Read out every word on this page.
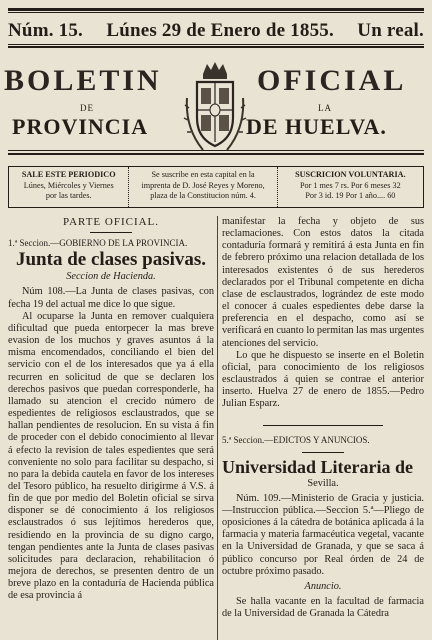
Núm. 15. Lúnes 29 de Enero de 1855. Un real.
BOLETIN	OFICIAL
DE	LA
PROVINCIA	DE HUELVA.
SALE ESTE PERIODICO
Lúnes, Miércoles y Viernes
por las tardes.
Se suscribe en esta capital en la
imprenta de D. José Reyes y Moreno,
plaza de la Constitucion núm. 4.
SUSCRICION VOLUNTARIA.
Por 1 mes 7 rs. Por 6 meses 32
Por 3 id. 19 Por 1 año.... 60

PARTE OFICIAL.

1.ª Seccion.—GOBIERNO DE LA PROVINCIA.

Junta de clases pasivas.

Seccion de Hacienda.

Núm 108.—La Junta de clases pasivas, con fecha 19 del actual me dice lo que sigue.

Al ocuparse la Junta en remover cualquiera dificultad que pueda entorpecer la mas breve evasion de los muchos y graves asuntos á la misma encomendados, conciliando el bien del servicio con el de los interesados que ya á ella recurren en solicitud de que se declaren los derechos pasivos que puedan corresponderle, ha llamado su atencion el crecido número de espedientes de religiosos esclaustrados, que se hallan pendientes de resolucion. En su vista á fin de proceder con el debido conocimiento al llevar á efecto la revision de tales espedientes que será conveniente no solo para facilitar su despacho, si no para la debida cautela en favor de los intereses del Tesoro público, ha resuelto dirigirme á V.S. á fin de que por medio del Boletin oficial se sirva disponer se dé conocimiento á los religiosos esclaustrados ó sus lejítimos herederos que, residiendo en la provincia de su digno cargo, tengan pendientes ante la Junta de clases pasivas solicitudes para declaracion, rehabilitacion ó mejora de derechos, se presenten dentro de un breve plazo en la contaduría de Hacienda pública de esa provincia á

manifestar la fecha y objeto de sus reclamaciones. Con estos datos la citada contaduría formará y remitirá á esta Junta en fin de febrero próximo una relacion detallada de los interesados existentes ó de sus herederos declarados por el Tribunal competente en dicha clase de esclaustrados, logrández de este modo el conocer á cuales espedientes debe darse la preferencia en el despacho, como así se verificará en cuanto lo permitan las mas urgentes atenciones del servicio.

Lo que he dispuesto se inserte en el Boletin oficial, para conocimiento de los religiosos esclaustrados á quien se contrae el anterior inserto. Huelva 27 de enero de 1855.—Pedro Julian Esparz.

5.ª Seccion.—EDICTOS Y ANUNCIOS.

Universidad Literaria de

Sevilla.

Núm. 109.—Ministerio de Gracia y justicia.—Instruccion pública.—Seccion 5.ª—Pliego de oposiciones á la cátedra de botánica aplicada á la farmacia y materia farmacéutica vegetal, vacante en la Universidad de Granada, y que se saca á público concurso por Real órden de 24 de octubre próximo pasado.

Anuncio.

Se halla vacante en la facultad de farmacia de la Universidad de Granada la Cátedra
